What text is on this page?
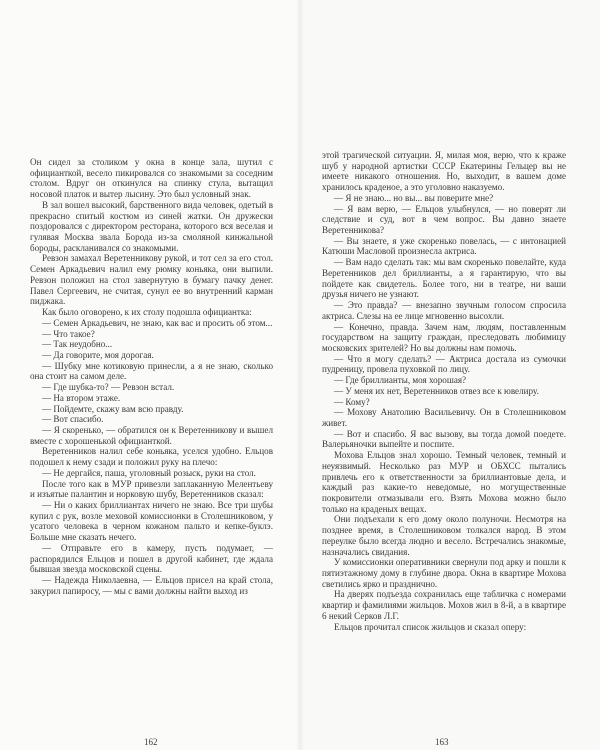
Он сидел за столиком у окна в конце зала, шутил с официанткой, весело пикировался со знакомыми за соседним столом. Вдруг он откинулся на спинку стула, вытащил носовой платок и вытер лысину. Это был условный знак.

В зал вошел высокий, барственного вида человек, одетый в прекрасно спитый костюм из синей жатки. Он дружески поздоровался с директором ресторана, которого вся веселая и гулявая Москва звала Борода из-за смоляной кинжальной бороды, раскланивался со знакомыми.

Ревзон замахал Веретенникову рукой, и тот сел за его стол. Семен Аркадьевич налил ему рюмку коньяка, они выпили. Ревзон положил на стол завернутую в бумагу пачку денег. Павел Сергеевич, не считая, сунул ее во внутренний карман пиджака.

Как было оговорено, к их столу подошла официантка:

— Семен Аркадьевич, не знаю, как вас и просить об этом...

— Что такое?

— Так неудобно...

— Да говорите, моя дорогая.

— Шубку мне котиковую принесли, а я не знаю, сколько она стоит на самом деле.

— Где шубка-то? — Ревзон встал.

— На втором этаже.

— Пойдемте, скажу вам всю правду.

— Вот спасибо.

— Я скоренько, — обратился он к Веретенникову и вышел вместе с хорошенькой официанткой.

Веретенников налил себе коньяка, уселся удобно. Ельцов подошел к нему сзади и положил руку на плечо:

— Не дергайся, паша, уголовный розыск, руки на стол.

После того как в МУР привезли заплаканную Мелентьеву и изъятые палантин и норковую шубу, Веретенников сказал:

— Ни о каких бриллиантах ничего не знаю. Все три шубы купил с рук, возле меховой комиссионки в Столешниковом, у усатого человека в черном кожаном пальто и кепке-буклэ. Больше мне сказать нечего.

— Отправьте его в камеру, пусть подумает, — распорядился Ельцов и пошел в другой кабинет, где ждала бывшая звезда московской сцены.

— Надежда Николаевна, — Ельцов присел на край стола, закурил папиросу, — мы с вами должны найти выход из

162

этой трагической ситуации. Я, милая моя, верю, что к краже шуб у народной артистки СССР Екатерины Гельцер вы не имеете никакого отношения. Но, выходит, в вашем доме хранилось краденое, а это уголовно наказуемо.

— Я не знаю... но вы... вы поверите мне?

— Я вам верю, — Ельцов улыбнулся, — но поверят ли следствие и суд, вот в чем вопрос. Вы давно знаете Веретенникова?

— Вы знаете, я уже скоренько повелась, — с интонацией Катюши Масловой произнесла актриса.

— Вам надо сделать так: мы вам скоренько повелайте, куда Веретенников дел бриллианты, а я гарантирую, что вы пойдете как свидетель. Более того, ни в театре, ни ваши друзья ничего не узнают.

— Это правда? — внезапно звучным голосом спросила актриса. Слезы на ее лице мгновенно высохли.

— Конечно, правда. Зачем нам, людям, поставленным государством на защиту граждан, преследовать любимицу московских зрителей? Но вы должны нам помочь.

— Что я могу сделать? — Актриса достала из сумочки пудреницу, провела пуховкой по лицу.

— Где бриллианты, моя хорошая?

— У меня их нет, Веретенников отвез все к ювелиру.

— Кому?

— Мохову Анатолию Васильевичу. Он в Столешниковом живет.

— Вот и спасибо. Я вас вызову, вы тогда домой поедете. Валерьяночки выпейте и поспите.

Мохова Ельцов знал хорошо. Темный человек, темный и неуязвимый. Несколько раз МУР и ОБХСС пытались привлечь его к ответственности за бриллиантовые дела, и каждый раз какие-то неведомые, но могущественные покровители отмазывали его. Взять Мохова можно было только на краденых вещах.

Они подъехали к его дому около полуночи. Несмотря на позднее время, в Столешниковом толкался народ. В этом переулке было всегда людно и весело. Встречались знакомые, назначались свидания.

У комиссионки оперативники свернули под арку и пошли к пятиэтажному дому в глубине двора. Окна в квартире Мохова светились ярко и празднично.

На дверях подъезда сохранилась еще табличка с номерами квартир и фамилиями жильцов. Мохов жил в 8-й, а в квартире 6 некий Серков Л.Г.

Ельцов прочитал список жильцов и сказал оперу:

163
